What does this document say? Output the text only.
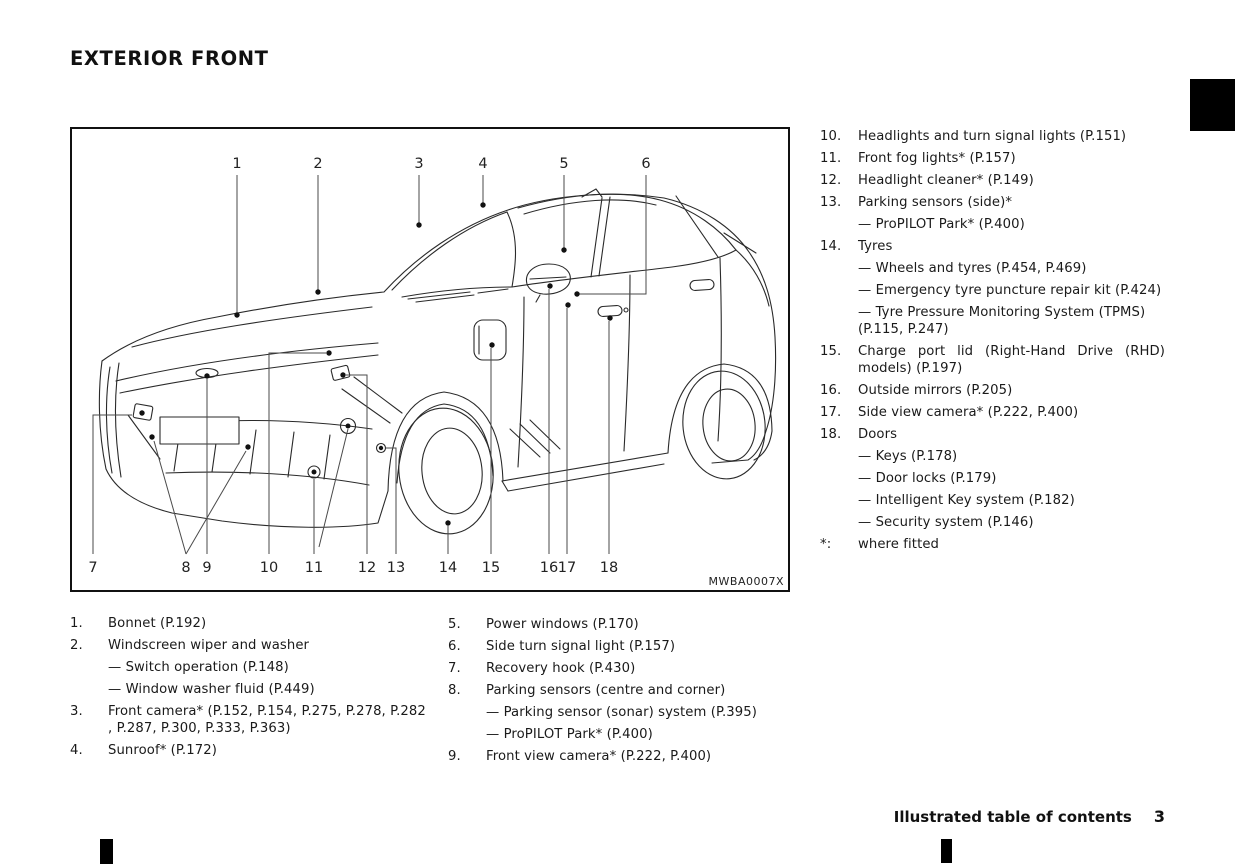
EXTERIOR FRONT
1	2	3	4	5	6
7	8 9	10 11 12 13 14 15	16 17 18
MWBA0007X
10.	Headlights and turn signal lights (P.151)
11.	Front fog lights* (P.157)
12.	Headlight cleaner* (P.149)
13.	Parking sensors (side)*
— ProPILOT Park* (P.400)
14.	Tyres
— Wheels and tyres (P.454, P.469)
— Emergency tyre puncture repair kit (P.424)
— Tyre Pressure Monitoring System (TPMS)
(P.115, P.247)
15.	Charge port lid (Right-Hand Drive (RHD)
models) (P.197)
16.	Outside mirrors (P.205)
17.	Side view camera* (P.222, P.400)
18.	Doors
— Keys (P.178)
— Door locks (P.179)
— Intelligent Key system (P.182)
— Security system (P.146)
*:	where fitted
1.	Bonnet (P.192)
2.	Windscreen wiper and washer
— Switch operation (P.148)
— Window washer fluid (P.449)
3.	Front camera* (P.152, P.154, P.275, P.278, P.282
, P.287, P.300, P.333, P.363)
4.	Sunroof* (P.172)
5.	Power windows (P.170)
6.	Side turn signal light (P.157)
7.	Recovery hook (P.430)
8.	Parking sensors (centre and corner)
— Parking sensor (sonar) system (P.395)
— ProPILOT Park* (P.400)
9.	Front view camera* (P.222, P.400)
Illustrated table of contents 3
